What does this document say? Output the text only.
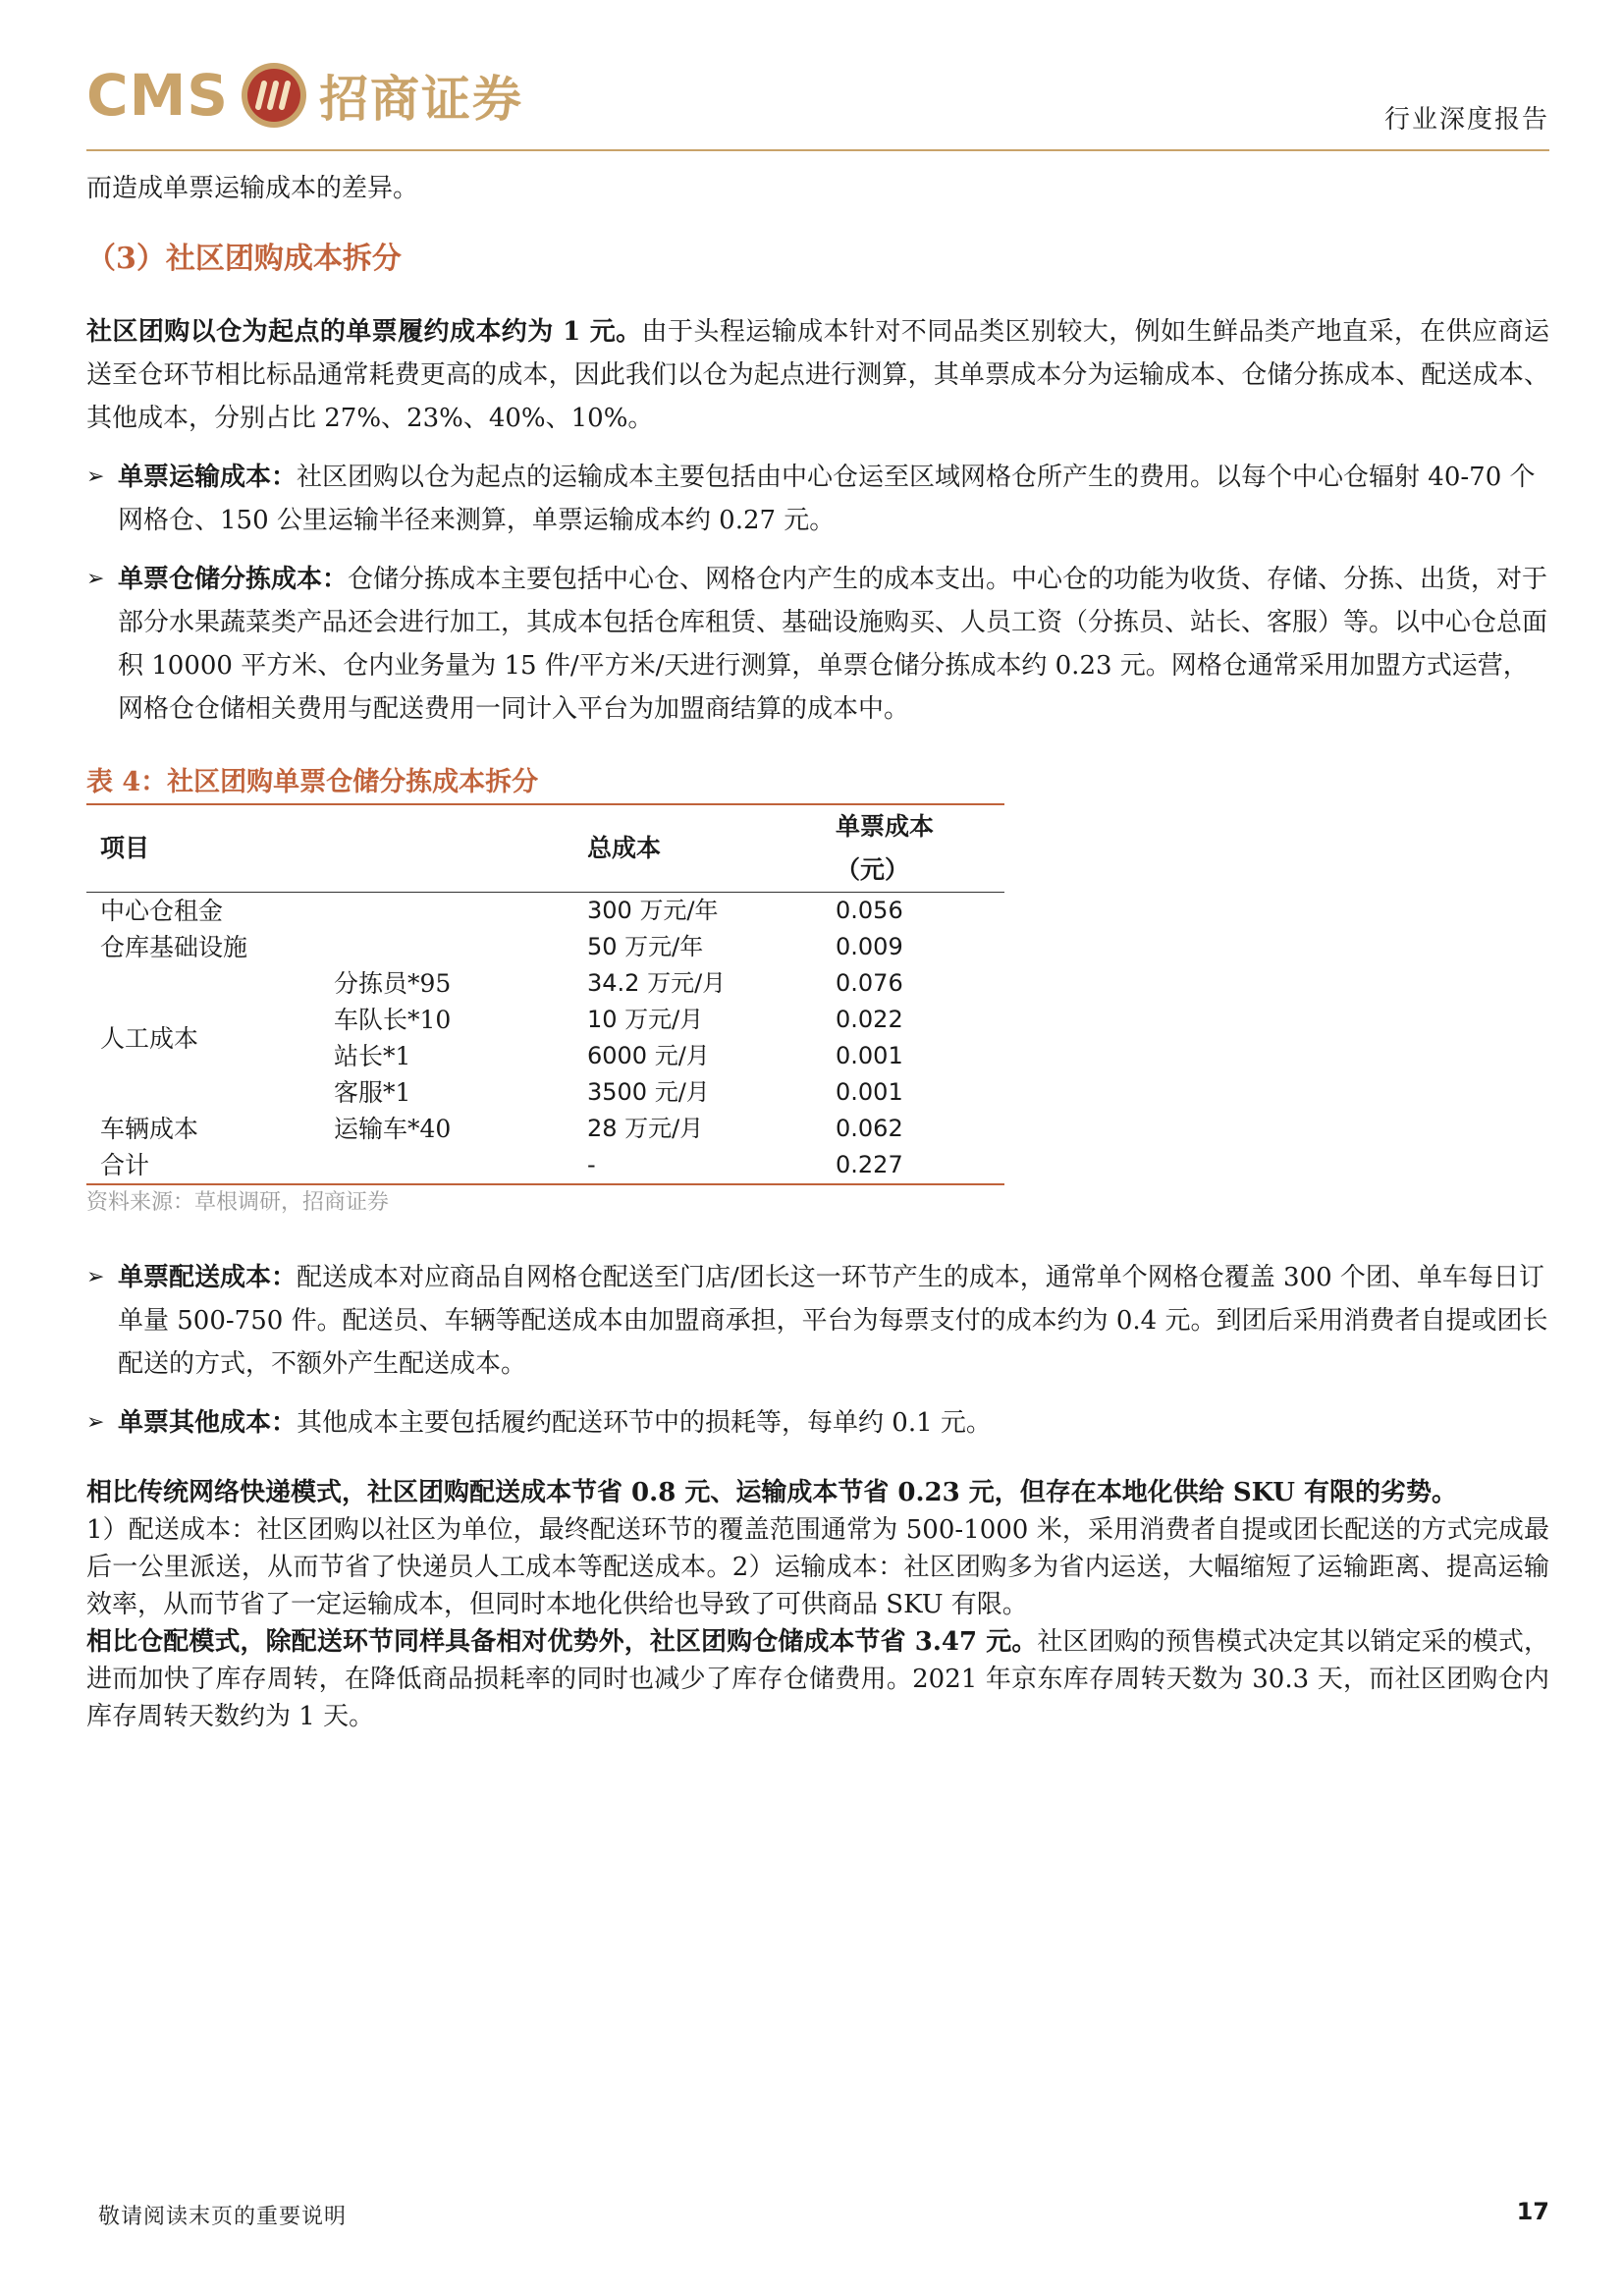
CMS 招商证券	行业深度报告

而造成单票运输成本的差异。

（3）社区团购成本拆分

社区团购以仓为起点的单票履约成本约为 1 元。由于头程运输成本针对不同品类区别较大，例如生鲜品类产地直采，在供应商运送至仓环节相比标品通常耗费更高的成本，因此我们以仓为起点进行测算，其单票成本分为运输成本、仓储分拣成本、配送成本、其他成本，分别占比 27%、23%、40%、10%。

➢ 单票运输成本：社区团购以仓为起点的运输成本主要包括由中心仓运至区域网格仓所产生的费用。以每个中心仓辐射 40-70 个网格仓、150 公里运输半径来测算，单票运输成本约 0.27 元。
➢ 单票仓储分拣成本：仓储分拣成本主要包括中心仓、网格仓内产生的成本支出。中心仓的功能为收货、存储、分拣、出货，对于部分水果蔬菜类产品还会进行加工，其成本包括仓库租赁、基础设施购买、人员工资（分拣员、站长、客服）等。以中心仓总面积 10000 平方米、仓内业务量为 15 件/平方米/天进行测算，单票仓储分拣成本约 0.23 元。网格仓通常采用加盟方式运营，网格仓仓储相关费用与配送费用一同计入平台为加盟商结算的成本中。
表 4：社区团购单票仓储分拣成本拆分
项目		总成本	单票成本（元）
中心仓租金		300 万元/年	0.056
仓库基础设施		50 万元/年	0.009
人工成本	分拣员*95	34.2 万元/月	0.076
	车队长*10	10 万元/月	0.022
	站长*1	6000 元/月	0.001
	客服*1	3500 元/月	0.001
车辆成本	运输车*40	28 万元/月	0.062
合计		-	0.227
资料来源：草根调研，招商证券
➢ 单票配送成本：配送成本对应商品自网格仓配送至门店/团长这一环节产生的成本，通常单个网格仓覆盖 300 个团、单车每日订单量 500-750 件。配送员、车辆等配送成本由加盟商承担，平台为每票支付的成本约为 0.4 元。到团后采用消费者自提或团长配送的方式，不额外产生配送成本。
➢ 单票其他成本：其他成本主要包括履约配送环节中的损耗等，每单约 0.1 元。

相比传统网络快递模式，社区团购配送成本节省 0.8 元、运输成本节省 0.23 元，但存在本地化供给 SKU 有限的劣势。
1）配送成本：社区团购以社区为单位，最终配送环节的覆盖范围通常为 500-1000 米，采用消费者自提或团长配送的方式完成最后一公里派送，从而节省了快递员人工成本等配送成本。2）运输成本：社区团购多为省内运送，大幅缩短了运输距离、提高运输效率，从而节省了一定运输成本，但同时本地化供给也导致了可供商品 SKU 有限。

相比仓配模式，除配送环节同样具备相对优势外，社区团购仓储成本节省 3.47 元。社区团购的预售模式决定其以销定采的模式，进而加快了库存周转，在降低商品损耗率的同时也减少了库存仓储费用。2021 年京东库存周转天数为 30.3 天，而社区团购仓内库存周转天数约为 1 天。

敬请阅读末页的重要说明	17
